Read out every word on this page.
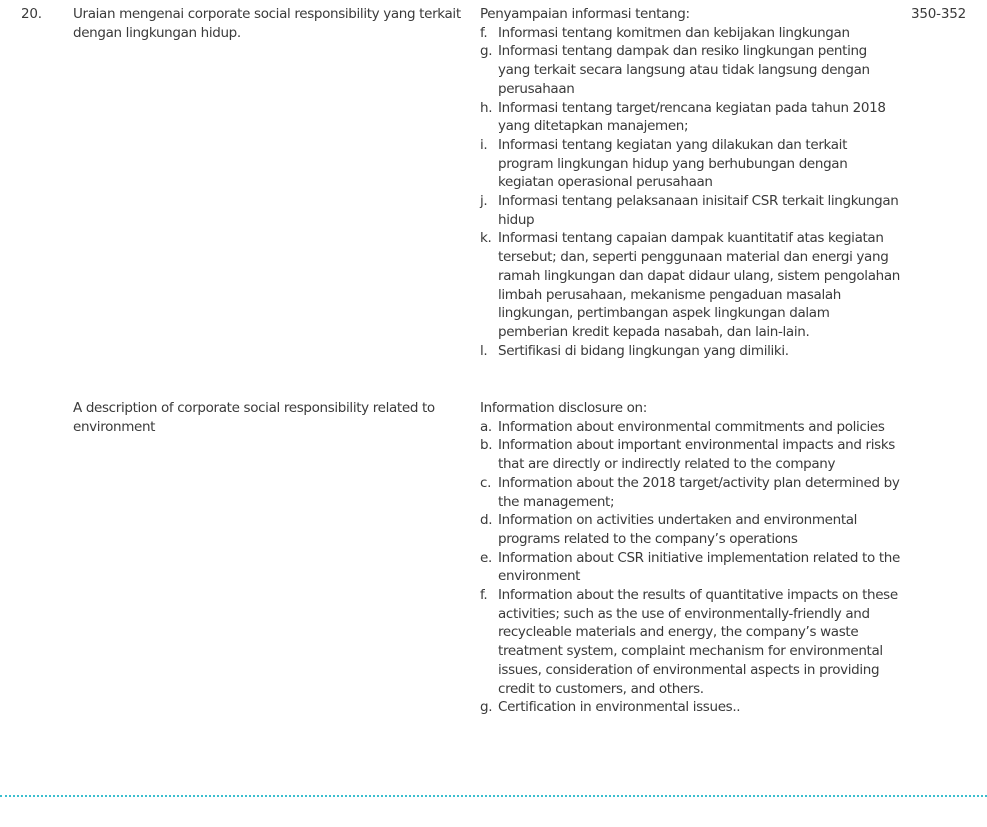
20. Uraian mengenai corporate social responsibility yang terkait dengan lingkungan hidup.
A description of corporate social responsibility related to environment
Penyampaian informasi tentang:
f. Informasi tentang komitmen dan kebijakan lingkungan
g. Informasi tentang dampak dan resiko lingkungan penting yang terkait secara langsung atau tidak langsung dengan perusahaan
h. Informasi tentang target/rencana kegiatan pada tahun 2018 yang ditetapkan manajemen;
i. Informasi tentang kegiatan yang dilakukan dan terkait program lingkungan hidup yang berhubungan dengan kegiatan operasional perusahaan
j. Informasi tentang pelaksanaan inisitaif CSR terkait lingkungan hidup
k. Informasi tentang capaian dampak kuantitatif atas kegiatan tersebut; dan, seperti penggunaan material dan energi yang ramah lingkungan dan dapat didaur ulang, sistem pengolahan limbah perusahaan, mekanisme pengaduan masalah lingkungan, pertimbangan aspek lingkungan dalam pemberian kredit kepada nasabah, dan lain-lain.
l. Sertifikasi di bidang lingkungan yang dimiliki.
Information disclosure on:
a. Information about environmental commitments and policies
b. Information about important environmental impacts and risks that are directly or indirectly related to the company
c. Information about the 2018 target/activity plan determined by the management;
d. Information on activities undertaken and environmental programs related to the company’s operations
e. Information about CSR initiative implementation related to the environment
f. Information about the results of quantitative impacts on these activities; such as the use of environmentally-friendly and recycleable materials and energy, the company’s waste treatment system, complaint mechanism for environmental issues, consideration of environmental aspects in providing credit to customers, and others.
g. Certification in environmental issues..
350-352
